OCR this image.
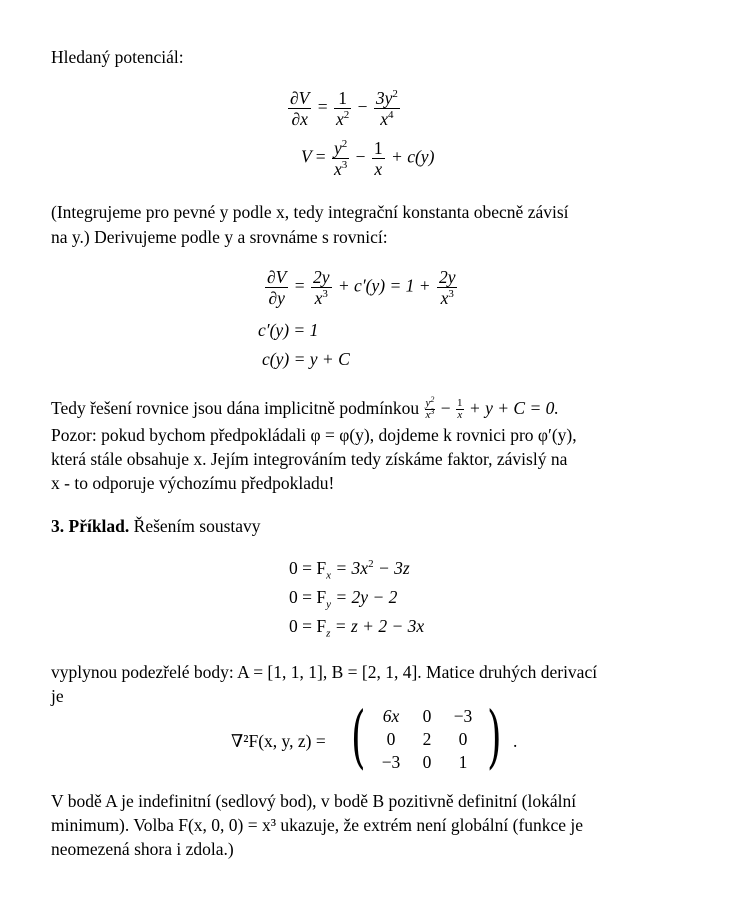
Hledaný potenciál:
$\frac{\partial V}{\partial x} = \frac{1}{x^2} - \frac{3y^2}{x^4}$
$V = \frac{y^2}{x^3} - \frac{1}{x} + c(y)$
(Integrujeme pro pevné y podle x, tedy integrační konstanta obecně závisí
na y.) Derivujeme podle y a srovnáme s rovnicí:
$\frac{\partial V}{\partial y} = \frac{2y}{x^3} + c'(y) = 1 + \frac{2y}{x^3}$
c′(y) = 1
c(y) = y + C
Tedy řešení rovnice jsou dána implicitně podmínkou $\frac{y^2}{x^3} - \frac{1}{x} + y + C = 0$.
Pozor: pokud bychom předpokládali φ = φ(y), dojdeme k rovnici pro φ′(y),
která stále obsahuje x. Jejím integrováním tedy získáme faktor, závislý na
x - to odporuje výchozímu předpokladu!
3. Příklad. Řešením soustavy
$0 = F_x = 3x^2 - 3z$
$0 = F_y = 2y - 2$
$0 = F_z = z + 2 - 3x$
vyplynou podezřelé body: A = [1, 1, 1], B = [2, 1, 4]. Matice druhých derivací
je
∇²F(x, y, z) = ( 6x	0	−3
0	2	0
−3	0	1 ) .
V bodě A je indefinitní (sedlový bod), v bodě B pozitivně definitní (lokální
minimum). Volba F(x, 0, 0) = x³ ukazuje, že extrém není globální (funkce je
neomezená shora i zdola.)
